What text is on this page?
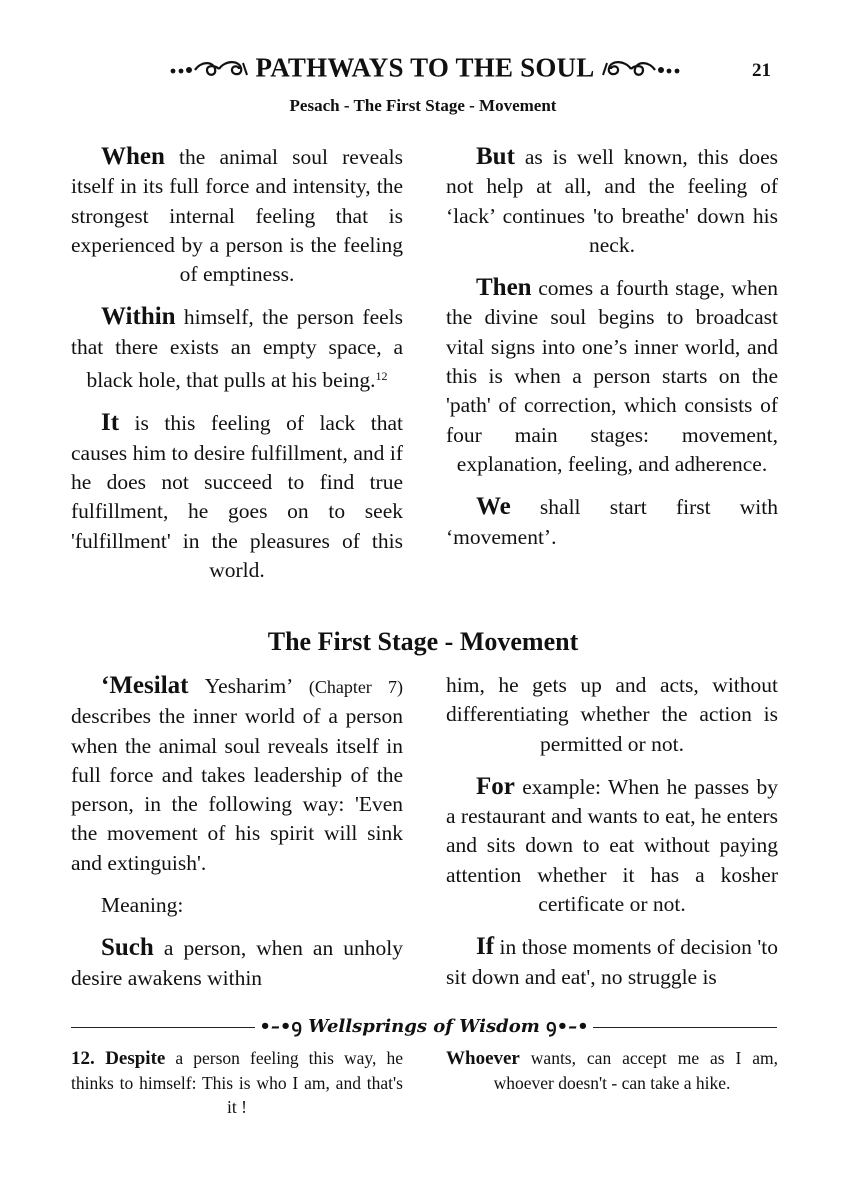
PATHWAYS TO THE SOUL	21
Pesach - The First Stage - Movement

When the animal soul reveals itself in its full force and intensity, the strongest internal feeling that is experienced by a person is the feeling of emptiness.

Within himself, the person feels that there exists an empty space, a black hole, that pulls at his being.$^{12}$

It is this feeling of lack that causes him to desire fulfillment, and if he does not succeed to find true fulfillment, he goes on to seek 'fulfillment' in the pleasures of this world.

But as is well known, this does not help at all, and the feeling of ‘lack’ continues 'to breathe' down his neck.

Then comes a fourth stage, when the divine soul begins to broadcast vital signs into one’s inner world, and this is when a person starts on the 'path' of correction, which consists of four main stages: movement, explanation, feeling, and adherence.

We shall start first with ‘movement’.

The First Stage - Movement

‘Mesilat Yesharim’ (Chapter 7) describes the inner world of a person when the animal soul reveals itself in full force and takes leadership of the person, in the following way: 'Even the movement of his spirit will sink and extinguish'.

Meaning:

Such a person, when an unholy desire awakens within

him, he gets up and acts, without differentiating whether the action is permitted or not.

For example: When he passes by a restaurant and wants to eat, he enters and sits down to eat without paying attention whether it has a kosher certificate or not.

If in those moments of decision 'to sit down and eat', no struggle is

•–•ꝯ Wellsprings of Wisdom ꝯ•–•
12. Despite a person feeling this way, he thinks to himself: This is who I am, and that's it !
Whoever wants, can accept me as I am, whoever doesn't - can take a hike.
